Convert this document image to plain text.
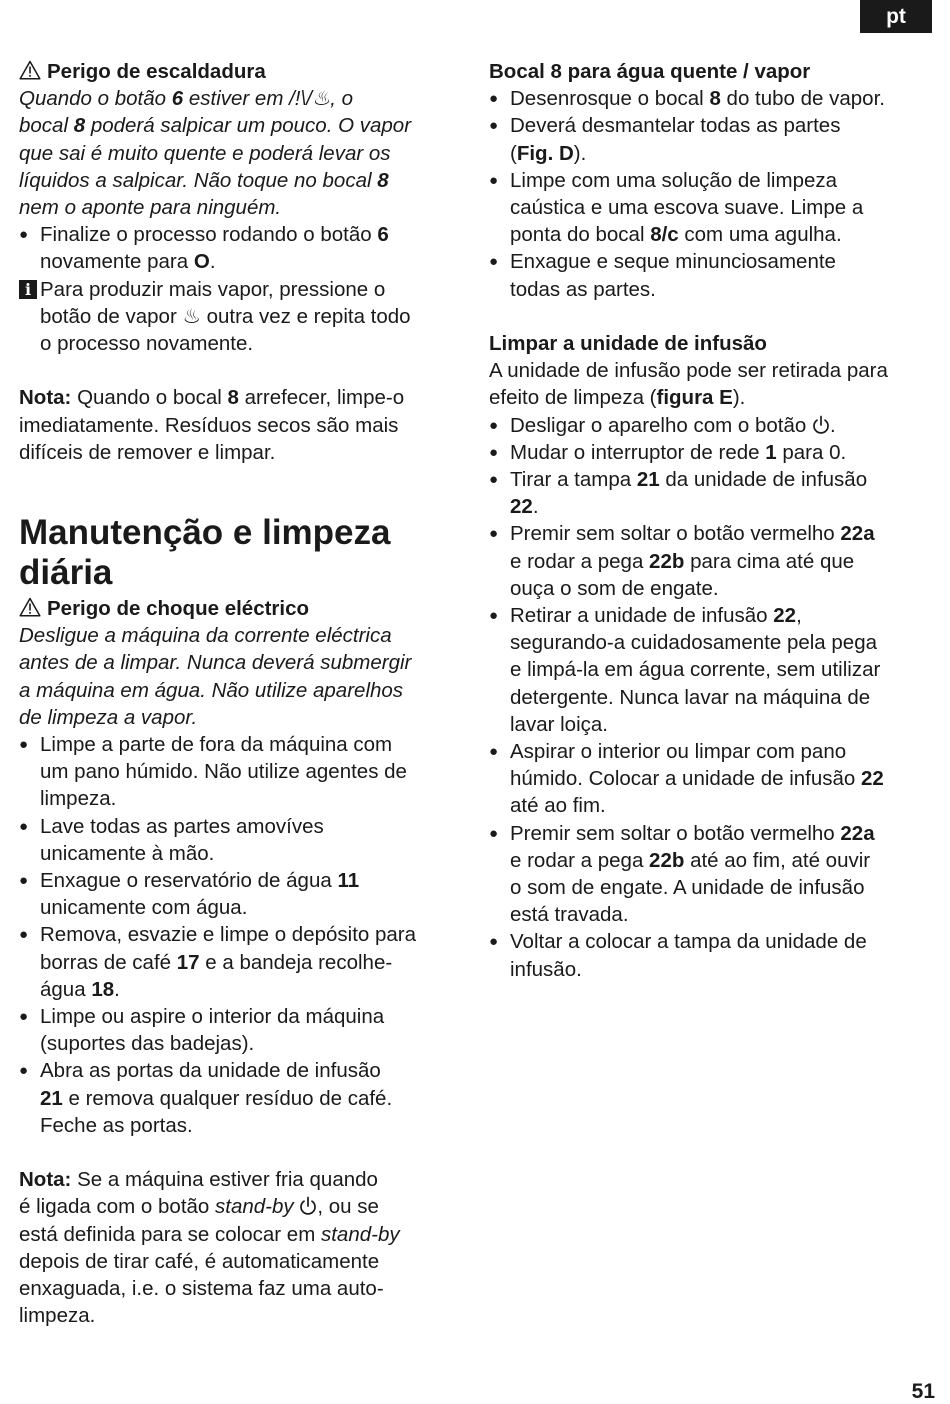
pt

Perigo de escaldadura

Quando o botão 6 estiver em /!\/♨, o

bocal 8 poderá salpicar um pouco. O vapor

que sai é muito quente e poderá levar os

líquidos a salpicar. Não toque no bocal 8

nem o aponte para ninguém.

● Finalize o processo rodando o botão 6
novamente para O.
i Para produzir mais vapor, pressione o
botão de vapor ♨ outra vez e repita todo
o processo novamente.

Nota: Quando o bocal 8 arrefecer, limpe-o

imediatamente. Resíduos secos são mais

difíceis de remover e limpar.

Manutenção e limpeza
diária

Perigo de choque eléctrico

Desligue a máquina da corrente eléctrica

antes de a limpar. Nunca deverá submergir

a máquina em água. Não utilize aparelhos

de limpeza a vapor.

● Limpe a parte de fora da máquina com
um pano húmido. Não utilize agentes de
limpeza.
● Lave todas as partes amovíves
unicamente à mão.
● Enxague o reservatório de água 11
unicamente com água.
● Remova, esvazie e limpe o depósito para
borras de café 17 e a bandeja recolhe-
água 18.
● Limpe ou aspire o interior da máquina
(suportes das badejas).
● Abra as portas da unidade de infusão
21 e remova qualquer resíduo de café.
Feche as portas.

Nota: Se a máquina estiver fria quando

é ligada com o botão stand-by , ou se

está definida para se colocar em stand-by

depois de tirar café, é automaticamente

enxaguada, i.e. o sistema faz uma auto-

limpeza.

Bocal 8 para água quente / vapor

● Desenrosque o bocal 8 do tubo de vapor.
● Deverá desmantelar todas as partes
(Fig. D).
● Limpe com uma solução de limpeza
caústica e uma escova suave. Limpe a
ponta do bocal 8/c com uma agulha.
● Enxague e seque minunciosamente
todas as partes.

Limpar a unidade de infusão

A unidade de infusão pode ser retirada para

efeito de limpeza (figura E).

● Desligar o aparelho com o botão .
● Mudar o interruptor de rede 1 para 0.
● Tirar a tampa 21 da unidade de infusão
22.
● Premir sem soltar o botão vermelho 22a
e rodar a pega 22b para cima até que
ouça o som de engate.
● Retirar a unidade de infusão 22,
segurando-a cuidadosamente pela pega
e limpá-la em água corrente, sem utilizar
detergente. Nunca lavar na máquina de
lavar loiça.
● Aspirar o interior ou limpar com pano
húmido. Colocar a unidade de infusão 22
até ao fim.
● Premir sem soltar o botão vermelho 22a
e rodar a pega 22b até ao fim, até ouvir
o som de engate. A unidade de infusão
está travada.
● Voltar a colocar a tampa da unidade de
infusão.
51
